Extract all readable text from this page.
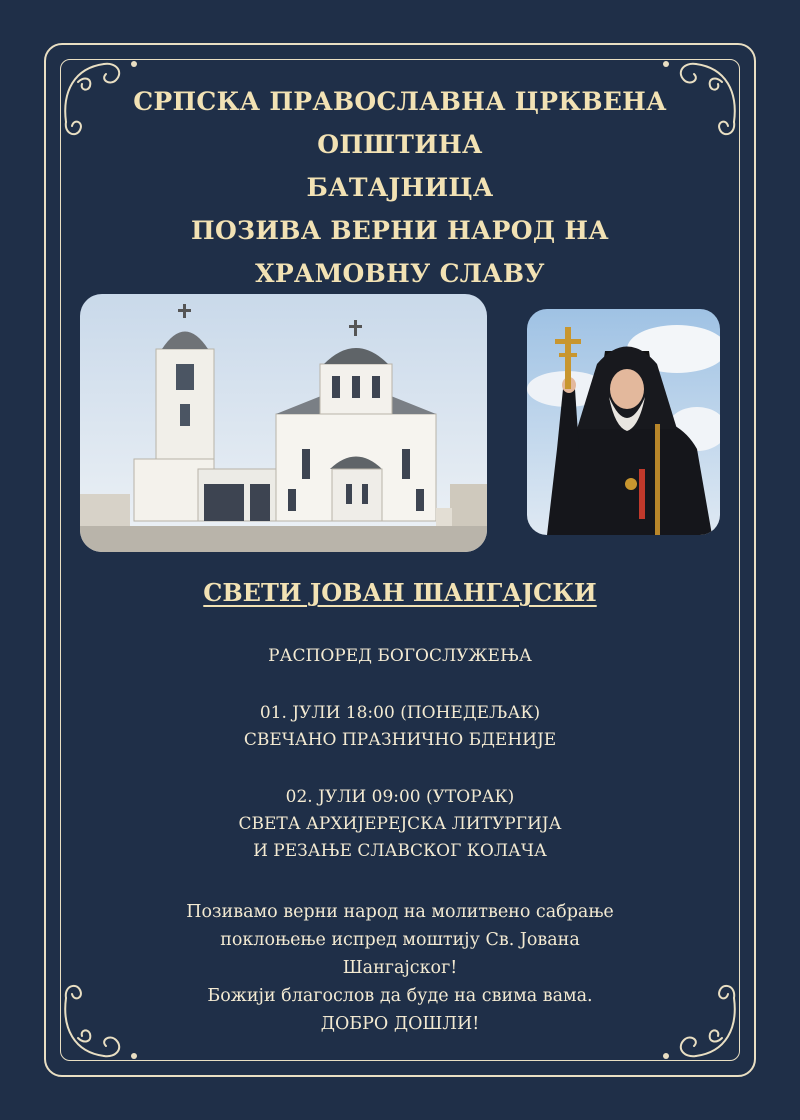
СРПСКА ПРАВОСЛАВНА ЦРКВЕНА
ОПШТИНА
БАТАЈНИЦА
ПОЗИВА ВЕРНИ НАРОД НА
ХРАМОВНУ СЛАВУ
СВЕТИ ЈОВАН ШАНГАЈСКИ
РАСПОРЕД БОГОСЛУЖЕЊА
01. ЈУЛИ 18:00 (ПОНЕДЕЉАК)
СВЕЧАНО ПРАЗНИЧНО БДЕНИЈЕ
02. ЈУЛИ 09:00 (УТОРАК)
СВЕТА АРХИЈЕРЕЈСКА ЛИТУРГИЈА
И РЕЗАЊЕ СЛАВСКОГ КОЛАЧА
Позивамо верни народ на молитвено сабрање
поклоњење испред моштију Св. Јована
Шангајског!
Божији благослов да буде на свима вама.
ДОБРО ДОШЛИ!
